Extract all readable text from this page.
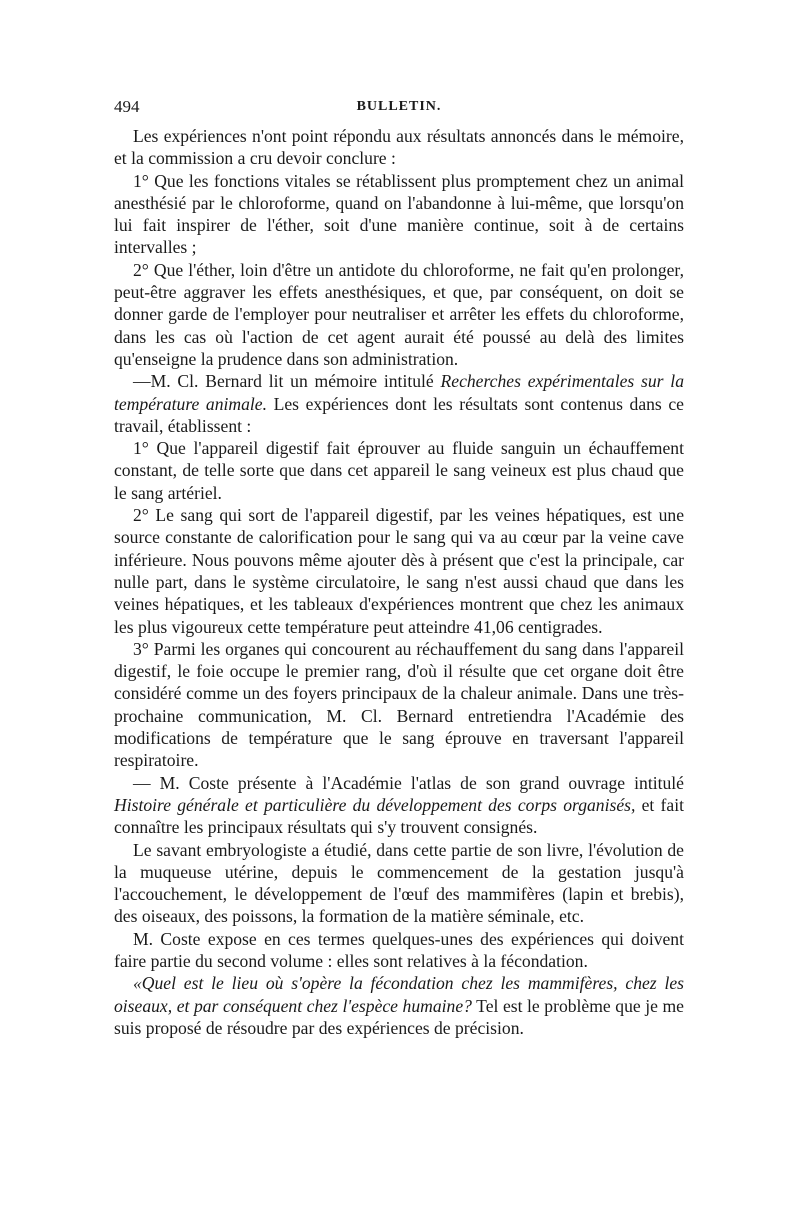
494	BULLETIN.

Les expériences n'ont point répondu aux résultats annoncés dans le mémoire, et la commission a cru devoir conclure :

1° Que les fonctions vitales se rétablissent plus promptement chez un animal anesthésié par le chloroforme, quand on l'abandonne à lui-même, que lorsqu'on lui fait inspirer de l'éther, soit d'une manière continue, soit à de certains intervalles ;

2° Que l'éther, loin d'être un antidote du chloroforme, ne fait qu'en prolonger, peut-être aggraver les effets anesthésiques, et que, par conséquent, on doit se donner garde de l'employer pour neutraliser et arrêter les effets du chloroforme, dans les cas où l'action de cet agent aurait été poussé au delà des limites qu'enseigne la prudence dans son administration.

—M. Cl. Bernard lit un mémoire intitulé Recherches expérimentales sur la température animale. Les expériences dont les résultats sont contenus dans ce travail, établissent :

1° Que l'appareil digestif fait éprouver au fluide sanguin un échauffement constant, de telle sorte que dans cet appareil le sang veineux est plus chaud que le sang artériel.

2° Le sang qui sort de l'appareil digestif, par les veines hépatiques, est une source constante de calorification pour le sang qui va au cœur par la veine cave inférieure. Nous pouvons même ajouter dès à présent que c'est la principale, car nulle part, dans le système circulatoire, le sang n'est aussi chaud que dans les veines hépatiques, et les tableaux d'expériences montrent que chez les animaux les plus vigoureux cette température peut atteindre 41,06 centigrades.

3° Parmi les organes qui concourent au réchauffement du sang dans l'appareil digestif, le foie occupe le premier rang, d'où il résulte que cet organe doit être considéré comme un des foyers principaux de la chaleur animale. Dans une très-prochaine communication, M. Cl. Bernard entretiendra l'Académie des modifications de température que le sang éprouve en traversant l'appareil respiratoire.

— M. Coste présente à l'Académie l'atlas de son grand ouvrage intitulé Histoire générale et particulière du développement des corps organisés, et fait connaître les principaux résultats qui s'y trouvent consignés.

Le savant embryologiste a étudié, dans cette partie de son livre, l'évolution de la muqueuse utérine, depuis le commencement de la gestation jusqu'à l'accouchement, le développement de l'œuf des mammifères (lapin et brebis), des oiseaux, des poissons, la formation de la matière séminale, etc.

M. Coste expose en ces termes quelques-unes des expériences qui doivent faire partie du second volume : elles sont relatives à la fécondation.

«Quel est le lieu où s'opère la fécondation chez les mammifères, chez les oiseaux, et par conséquent chez l'espèce humaine? Tel est le problème que je me suis proposé de résoudre par des expériences de précision.
